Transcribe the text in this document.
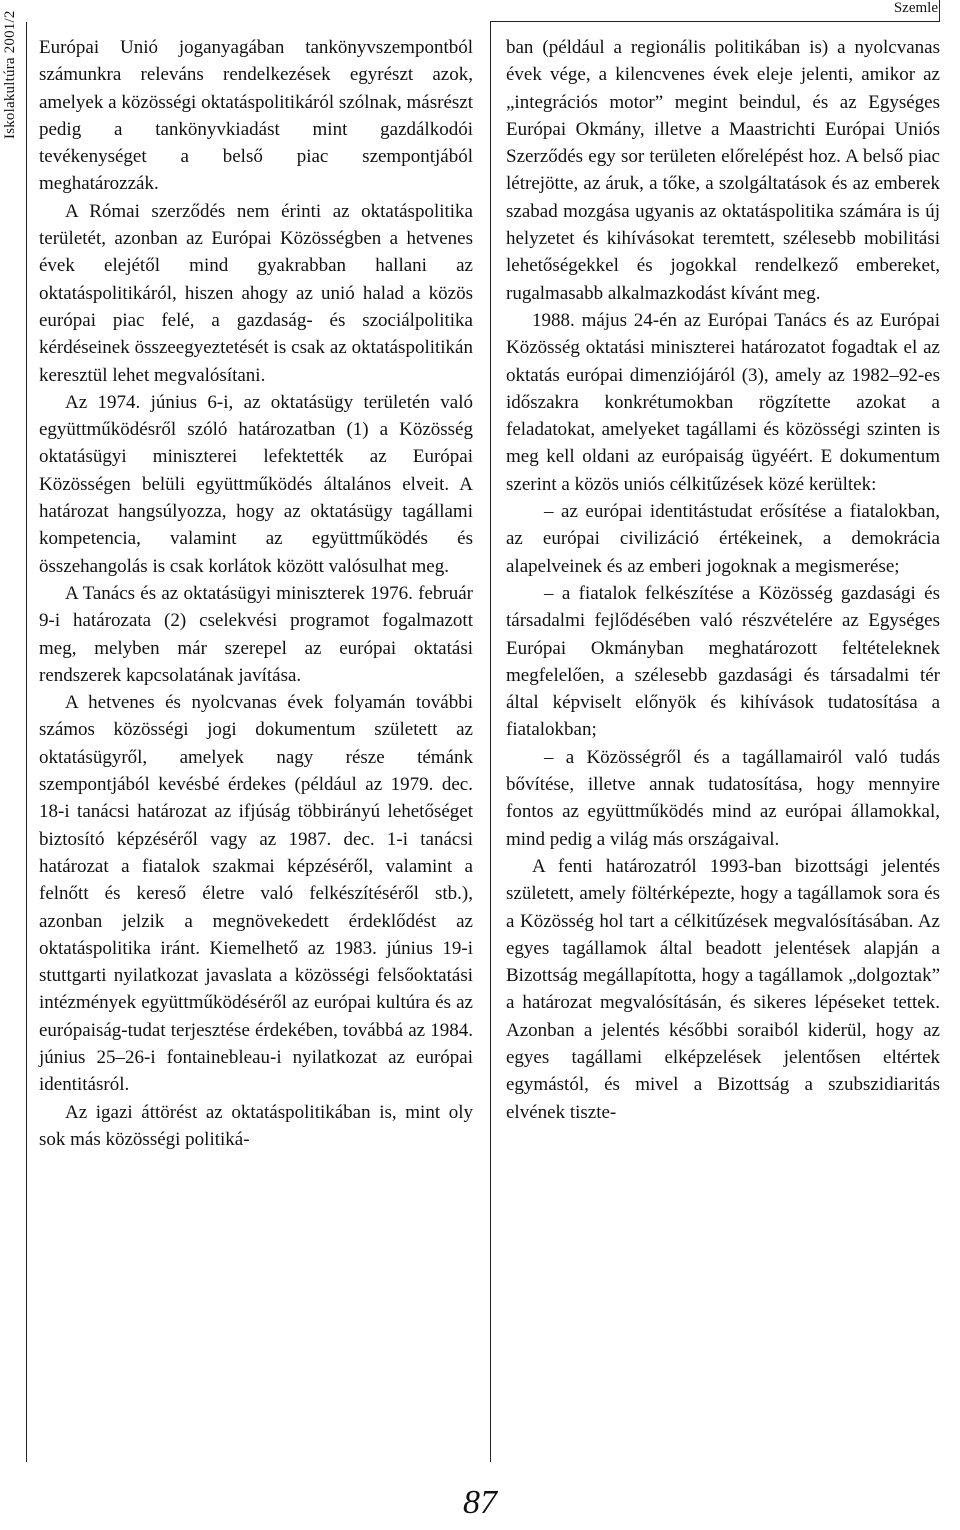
Iskolakultúra 2001/2
Szemle

Európai Unió joganyagában tankönyvszempontból számunkra releváns rendelkezések egyrészt azok, amelyek a közösségi oktatáspolitikáról szólnak, másrészt pedig a tankönyvkiadást mint gazdálkodói tevékenységet a belső piac szempontjából meghatározzák.

A Római szerződés nem érinti az oktatáspolitika területét, azonban az Európai Közösségben a hetvenes évek elejétől mind gyakrabban hallani az oktatáspolitikáról, hiszen ahogy az unió halad a közös európai piac felé, a gazdaság- és szociálpolitika kérdéseinek összeegyeztetését is csak az oktatáspolitikán keresztül lehet megvalósítani.

Az 1974. június 6-i, az oktatásügy területén való együttműködésről szóló határozatban (1) a Közösség oktatásügyi miniszterei lefektették az Európai Közösségen belüli együttműködés általános elveit. A határozat hangsúlyozza, hogy az oktatásügy tagállami kompetencia, valamint az együttműködés és összehangolás is csak korlátok között valósulhat meg.

A Tanács és az oktatásügyi miniszterek 1976. február 9-i határozata (2) cselekvési programot fogalmazott meg, melyben már szerepel az európai oktatási rendszerek kapcsolatának javítása.

A hetvenes és nyolcvanas évek folyamán további számos közösségi jogi dokumentum született az oktatásügyről, amelyek nagy része témánk szempontjából kevésbé érdekes (például az 1979. dec. 18-i tanácsi határozat az ifjúság többirányú lehetőséget biztosító képzéséről vagy az 1987. dec. 1-i tanácsi határozat a fiatalok szakmai képzéséről, valamint a felnőtt és kereső életre való felkészítéséről stb.), azonban jelzik a megnövekedett érdeklődést az oktatáspolitika iránt. Kiemelhető az 1983. június 19-i stuttgarti nyilatkozat javaslata a közösségi felsőoktatási intézmények együttműködéséről az európai kultúra és az európaiság-tudat terjesztése érdekében, továbbá az 1984. június 25–26-i fontainebleau-i nyilatkozat az európai identitásról.

Az igazi áttörést az oktatáspolitikában is, mint oly sok más közösségi politiká-

ban (például a regionális politikában is) a nyolcvanas évek vége, a kilencvenes évek eleje jelenti, amikor az „integrációs motor” megint beindul, és az Egységes Európai Okmány, illetve a Maastrichti Európai Uniós Szerződés egy sor területen előrelépést hoz. A belső piac létrejötte, az áruk, a tőke, a szolgáltatások és az emberek szabad mozgása ugyanis az oktatáspolitika számára is új helyzetet és kihívásokat teremtett, szélesebb mobilitási lehetőségekkel és jogokkal rendelkező embereket, rugalmasabb alkalmazkodást kívánt meg.

1988. május 24-én az Európai Tanács és az Európai Közösség oktatási miniszterei határozatot fogadtak el az oktatás európai dimenziójáról (3), amely az 1982–92-es időszakra konkrétumokban rögzítette azokat a feladatokat, amelyeket tagállami és közösségi szinten is meg kell oldani az európaiság ügyéért. E dokumentum szerint a közös uniós célkitűzések közé kerültek:

– az európai identitástudat erősítése a fiatalokban, az európai civilizáció értékeinek, a demokrácia alapelveinek és az emberi jogoknak a megismerése;

– a fiatalok felkészítése a Közösség gazdasági és társadalmi fejlődésében való részvételére az Egységes Európai Okmányban meghatározott feltételeknek megfelelően, a szélesebb gazdasági és társadalmi tér által képviselt előnyök és kihívások tudatosítása a fiatalokban;

– a Közösségről és a tagállamairól való tudás bővítése, illetve annak tudatosítása, hogy mennyire fontos az együttműködés mind az európai államokkal, mind pedig a világ más országaival.

A fenti határozatról 1993-ban bizottsági jelentés született, amely föltérképezte, hogy a tagállamok sora és a Közösség hol tart a célkitűzések megvalósításában. Az egyes tagállamok által beadott jelentések alapján a Bizottság megállapította, hogy a tagállamok „dolgoztak” a határozat megvalósításán, és sikeres lépéseket tettek. Azonban a jelentés későbbi soraiból kiderül, hogy az egyes tagállami elképzelések jelentősen eltértek egymástól, és mivel a Bizottság a szubszidiaritás elvének tiszte-

87
